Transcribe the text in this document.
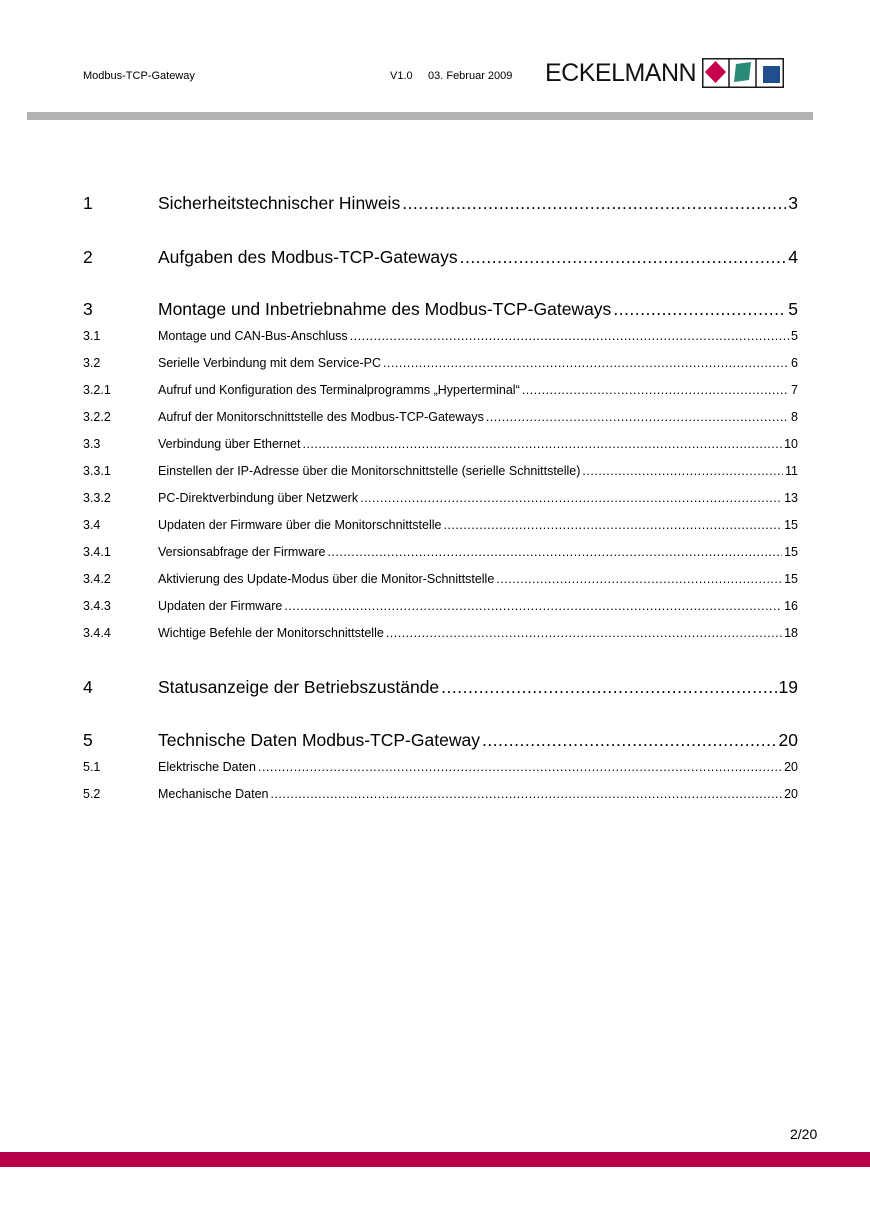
Modbus-TCP-Gateway	V1.0 03. Februar 2009 ECKELMANN
1	Sicherheitstechnischer Hinweis .....	3
2	Aufgaben des Modbus-TCP-Gateways .....	4
3	Montage und Inbetriebnahme des Modbus-TCP-Gateways .....	5
3.1	Montage und CAN-Bus-Anschluss .....	5
3.2	Serielle Verbindung mit dem Service-PC .....	6
3.2.1	Aufruf und Konfiguration des Terminalprogramms „Hyperterminal“ .....	7
3.2.2	Aufruf der Monitorschnittstelle des Modbus-TCP-Gateways .....	8
3.3	Verbindung über Ethernet .....	10
3.3.1	Einstellen der IP-Adresse über die Monitorschnittstelle (serielle Schnittstelle) .....	11
3.3.2	PC-Direktverbindung über Netzwerk .....	13
3.4	Updaten der Firmware über die Monitorschnittstelle .....	15
3.4.1	Versionsabfrage der Firmware .....	15
3.4.2	Aktivierung des Update-Modus über die Monitor-Schnittstelle .....	15
3.4.3	Updaten der Firmware .....	16
3.4.4	Wichtige Befehle der Monitorschnittstelle .....	18
4	Statusanzeige der Betriebszustände .....	19
5	Technische Daten Modbus-TCP-Gateway .....	20
5.1	Elektrische Daten .....	20
5.2	Mechanische Daten .....	20
2/20
